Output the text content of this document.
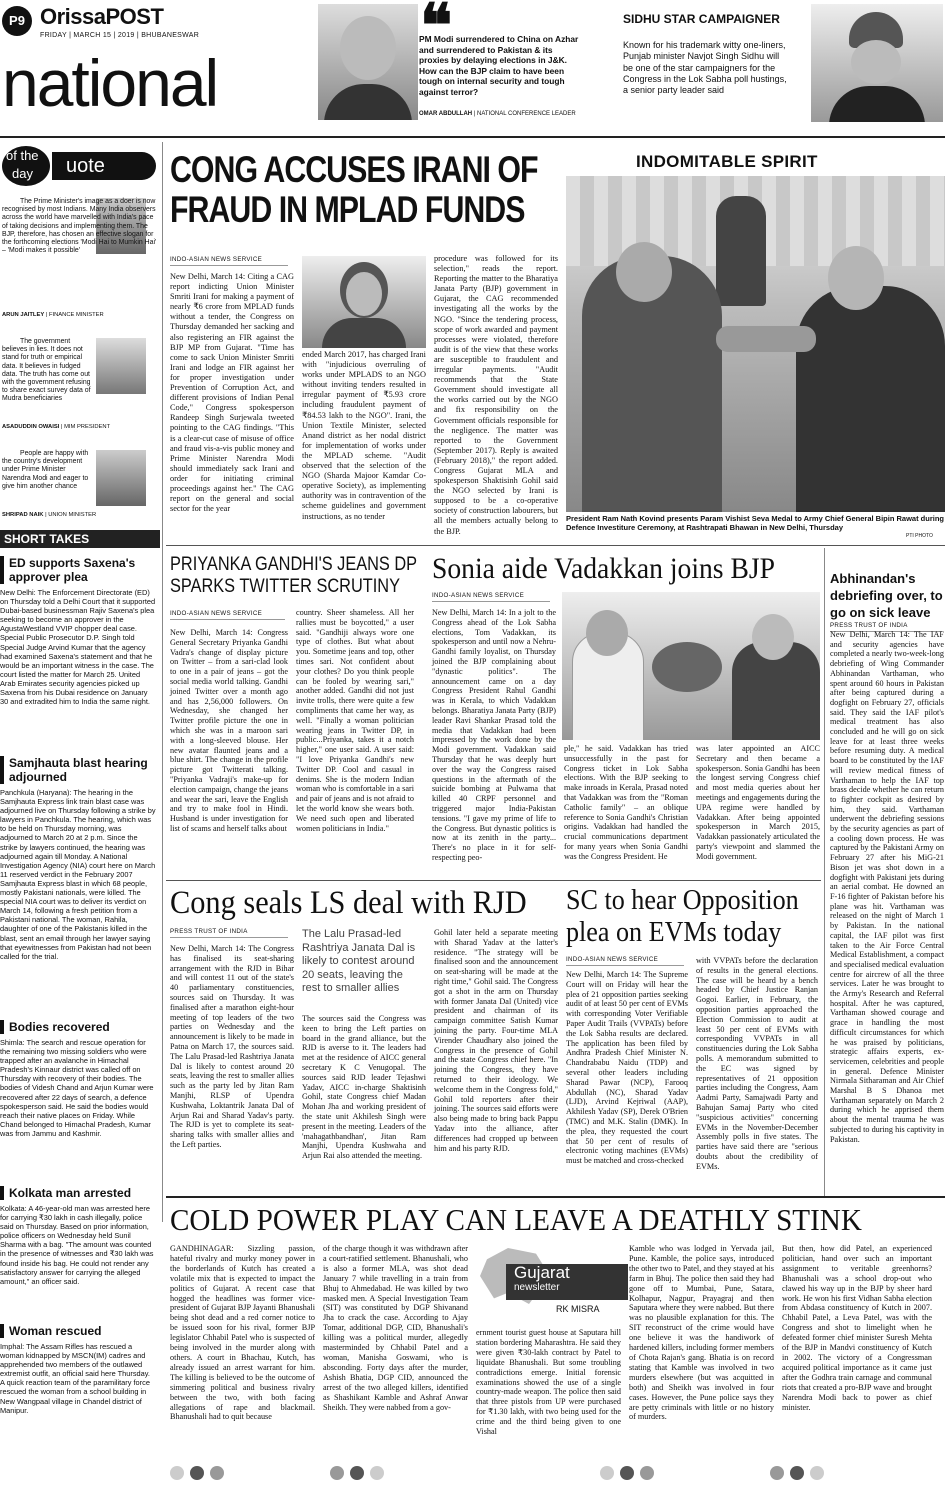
P9 OrissaPOST
FRIDAY | MARCH 15 | 2019 | BHUBANESWAR
national
❝
PM Modi surrendered to China on Azhar and surrendered to Pakistan & its proxies by delaying elections in J&K. How can the BJP claim to have been tough on internal security and tough against terror?
OMAR ABDULLAH | NATIONAL CONFERENCE LEADER
SIDHU STAR CAMPAIGNER
Known for his trademark witty one-liners, Punjab minister Navjot Singh Sidhu will be one of the star campaigners for the Congress in the Lok Sabha poll hustings, a senior party leader said
of the
day	uote
The Prime Minister's image as a doer is now recognised by most Indians. Many India observers across the world have marvelled with India's pace of taking decisions and implementing them. The BJP, therefore, has chosen an effective slogan for the forthcoming elections 'Modi Hai to Mumkin Hai' – 'Modi makes it possible'
ARUN JAITLEY | FINANCE MINISTER
The government believes in lies. It does not stand for truth or empirical data. It believes in fudged data. The truth has come out with the government refusing to share exact survey data of Mudra beneficiaries
ASADUDDIN OWAISI | MIM PRESIDENT
People are happy with the country's development under Prime Minister Narendra Modi and eager to give him another chance
SHRIPAD NAIK | UNION MINISTER
SHORT TAKES
ED supports Saxena's approver plea
New Delhi: The Enforcement Directorate (ED) on Thursday told a Delhi Court that it supported Dubai-based businessman Rajiv Saxena's plea seeking to become an approver in the AgustaWestland VVIP chopper deal case. Special Public Prosecutor D.P. Singh told Special Judge Arvind Kumar that the agency had examined Saxena's statement and that he would be an important witness in the case. The court listed the matter for March 25. United Arab Emirates security agencies picked up Saxena from his Dubai residence on January 30 and extradited him to India the same night.
Samjhauta blast hearing adjourned
Panchkula (Haryana): The hearing in the Samjhauta Express link train blast case was adjourned live on Thursday following a strike by lawyers in Panchkula. The hearing, which was to be held on Thursday morning, was adjourned to March 20 at 2 p.m. Since the strike by lawyers continued, the hearing was adjourned again till Monday. A National Investigation Agency (NIA) court here on March 11 reserved verdict in the February 2007 Samjhauta Express blast in which 68 people, mostly Pakistani nationals, were killed. The special NIA court was to deliver its verdict on March 14, following a fresh petition from a Pakistani national. The woman, Rahila, daughter of one of the Pakistanis killed in the blast, sent an email through her lawyer saying that eyewitnesses from Pakistan had not been called for the trial.
Bodies recovered
Shimla: The search and rescue operation for the remaining two missing soldiers who were trapped after an avalanche in Himachal Pradesh's Kinnaur district was called off on Thursday with recovery of their bodies. The bodies of Videsh Chand and Arjun Kumar were recovered after 22 days of search, a defence spokesperson said. He said the bodies would reach their native places on Friday. While Chand belonged to Himachal Pradesh, Kumar was from Jammu and Kashmir.
Kolkata man arrested
Kolkata: A 46-year-old man was arrested here for carrying ₹30 lakh in cash illegally, police said on Thursday. Based on prior information, police officers on Wednesday held Sunil Sharma with a bag. "The amount was counted in the presence of witnesses and ₹30 lakh was found inside his bag. He could not render any satisfactory answer for carrying the alleged amount," an officer said.
Woman rescued
Imphal: The Assam Rifles has rescued a woman kidnapped by MSCN(IM) cadres and apprehended two members of the outlawed extremist outfit, an official said here Thursday. A quick reaction team of the paramilitary force rescued the woman from a school building in New Wangpaal village in Chandel district of Manipur.
CONG ACCUSES IRANI OF FRAUD IN MPLAD FUNDS
INDO-ASIAN NEWS SERVICE
New Delhi, March 14: Citing a CAG report indicting Union Minister Smriti Irani for making a payment of nearly ₹6 crore from MPLAD funds without a tender, the Congress on Thursday demanded her sacking and also registering an FIR against the BJP MP from Gujarat. "Time has come to sack Union Minister Smriti Irani and lodge an FIR against her for proper investigation under Prevention of Corruption Act, and different provisions of Indian Penal Code," Congress spokesperson Randeep Singh Surjewala tweeted pointing to the CAG findings. "This is a clear-cut case of misuse of office and fraud vis-a-vis public money and Prime Minister Narendra Modi should immediately sack Irani and order for initiating criminal proceedings against her." The CAG report on the general and social sector for the year
ended March 2017, has charged Irani with "injudicious overruling of works under MPLADS to an NGO without inviting tenders resulted in irregular payment of ₹5.93 crore including fraudulent payment of ₹84.53 lakh to the NGO". Irani, the Union Textile Minister, selected Anand district as her nodal district for implementation of works under the MPLAD scheme. "Audit observed that the selection of the NGO (Sharda Majoor Kamdar Co-operative Society), as implementing authority was in contravention of the scheme guidelines and government instructions, as no tender
procedure was followed for its selection," reads the report. Reporting the matter to the Bharatiya Janata Party (BJP) government in Gujarat, the CAG recommended investigating all the works by the NGO. "Since the tendering process, scope of work awarded and payment processes were violated, therefore audit is of the view that these works are susceptible to fraudulent and irregular payments. "Audit recommends that the State Government should investigate all the works carried out by the NGO and fix responsibility on the Government officials responsible for the negligence. The matter was reported to the Government (September 2017). Reply is awaited (February 2018)," the report added. Congress Gujarat MLA and spokesperson Shaktisinh Gohil said the NGO selected by Irani is supposed to be a co-operative society of construction labourers, but all the members actually belong to the BJP.
INDOMITABLE SPIRIT
President Ram Nath Kovind presents Param Vishist Seva Medal to Army Chief General Bipin Rawat during Defence Investiture Ceremony, at Rashtrapati Bhawan in New Delhi, Thursday
PTI PHOTO
PRIYANKA GANDHI'S JEANS DP SPARKS TWITTER SCRUTINY
INDO-ASIAN NEWS SERVICE
New Delhi, March 14: Congress General Secretary Priyanka Gandhi Vadra's change of display picture on Twitter – from a sari-clad look to one in a pair of jeans – got the social media world talking. Gandhi joined Twitter over a month ago and has 2,56,000 followers. On Wednesday, she changed her Twitter profile picture the one in which she was in a maroon sari with a long-sleeved blouse. Her new avatar flaunted jeans and a blue shirt. The change in the profile picture got Twitterati talking. "Priyanka Vadraji's make-up for election campaign, change the jeans and wear the sari, leave the English and try to make fool in Hindi. Husband is under investigation for list of scams and herself talks about
country. Sheer shameless. All her rallies must be boycotted," a user said. "Gandhiji always wore one type of clothes. But what about you. Sometime jeans and top, other times sari. Not confident about your clothes? Do you think people can be fooled by wearing sari," another added. Gandhi did not just invite trolls, there were quite a few compliments that came her way, as well. "Finally a woman politician wearing jeans in Twitter DP, in public...Priyanka, takes it a notch higher," one user said. A user said: "I love Priyanka Gandhi's new Twitter DP. Cool and casual in denims. She is the modern Indian woman who is comfortable in a sari and pair of jeans and is not afraid to let the world know she wears both. We need such open and liberated women politicians in India."
Sonia aide Vadakkan joins BJP
INDO-ASIAN NEWS SERVICE
New Delhi, March 14: In a jolt to the Congress ahead of the Lok Sabha elections, Tom Vadakkan, its spokesperson and until now a Nehru-Gandhi family loyalist, on Thursday joined the BJP complaining about "dynastic politics". The announcement came on a day Congress President Rahul Gandhi was in Kerala, to which Vadakkan belongs. Bharatiya Janata Party (BJP) leader Ravi Shankar Prasad told the media that Vadakkan had been impressed by the work done by the Modi government. Vadakkan said Thursday that he was deeply hurt over the way the Congress raised questions in the aftermath of the suicide bombing at Pulwama that killed 40 CRPF personnel and triggered major India-Pakistan tensions. "I gave my prime of life to the Congress. But dynastic politics is now at its zenith in the party... There's no place in it for self-respecting peo-
ple," he said. Vadakkan has tried unsuccessfully in the past for Congress ticket in Lok Sabha elections. With the BJP seeking to make inroads in Kerala, Prasad noted that Vadakkan was from the "Roman Catholic family" – an oblique reference to Sonia Gandhi's Christian origins. Vadakkan had handled the crucial communications department for many years when Sonia Gandhi was the Congress President. He
was later appointed an AICC Secretary and then became a spokesperson. Sonia Gandhi has been the longest serving Congress chief and most media queries about her meetings and engagements during the UPA regime were handled by Vadakkan. After being appointed spokesperson in March 2015, Vadakkan passionately articulated the party's viewpoint and slammed the Modi government.
Abhinandan's debriefing over, to go on sick leave
PRESS TRUST OF INDIA
New Delhi, March 14: The IAF and security agencies have completed a nearly two-week-long debriefing of Wing Commander Abhinandan Varthaman, who spent around 60 hours in Pakistan after being captured during a dogfight on February 27, officials said. They said the IAF pilot's medical treatment has also concluded and he will go on sick leave for at least three weeks before resuming duty. A medical board to be constituted by the IAF will review medical fitness of Varthaman to help the IAF top brass decide whether he can return to fighter cockpit as desired by him, they said. Varthaman underwent the debriefing sessions by the security agencies as part of a cooling down process. He was captured by the Pakistani Army on February 27 after his MiG-21 Bison jet was shot down in a dogfight with Pakistani jets during an aerial combat. He downed an F-16 fighter of Pakistan before his plane was hit. Varthaman was released on the night of March 1 by Pakistan. In the national capital, the IAF pilot was first taken to the Air Force Central Medical Establishment, a compact and specialised medical evaluation centre for aircrew of all the three services. Later he was brought to the Army's Research and Referral hospital. After he was captured, Varthaman showed courage and grace in handling the most difficult circumstances for which he was praised by politicians, strategic affairs experts, ex-servicemen, celebrities and people in general. Defence Minister Nirmala Sitharaman and Air Chief Marshal B S Dhanoa met Varthaman separately on March 2 during which he apprised them about the mental trauma he was subjected to during his captivity in Pakistan.
Cong seals LS deal with RJD
PRESS TRUST OF INDIA
New Delhi, March 14: The Congress has finalised its seat-sharing arrangement with the RJD in Bihar and will contest 11 out of the state's 40 parliamentary constituencies, sources said on Thursday. It was finalised after a marathon eight-hour meeting of top leaders of the two parties on Wednesday and the announcement is likely to be made in Patna on March 17, the sources said. The Lalu Prasad-led Rashtriya Janata Dal is likely to contest around 20 seats, leaving the rest to smaller allies such as the party led by Jitan Ram Manjhi, RLSP of Upendra Kushwaha, Loktantrik Janata Dal of Arjun Rai and Sharad Yadav's party. The RJD is yet to complete its seat-sharing talks with smaller allies and the Left parties.
The Lalu Prasad-led Rashtriya Janata Dal is likely to contest around 20 seats, leaving the rest to smaller allies
The sources said the Congress was keen to bring the Left parties on board in the grand alliance, but the RJD is averse to it. The leaders had met at the residence of AICC general secretary K C Venugopal. The sources said RJD leader Tejashwi Yadav, AICC in-charge Shaktisinh Gohil, state Congress chief Madan Mohan Jha and working president of the state unit Akhilesh Singh were present in the meeting. Leaders of the 'mahagathbandhan', Jitan Ram Manjhi, Upendra Kushwaha and Arjun Rai also attended the meeting.
Gohil later held a separate meeting with Sharad Yadav at the latter's residence. "The strategy will be finalised soon and the announcement on seat-sharing will be made at the right time," Gohil said. The Congress got a shot in the arm on Thursday with former Janata Dal (United) vice president and chairman of its campaign committee Satish Kumar joining the party. Four-time MLA Virender Chaudhary also joined the Congress in the presence of Gohil and the state Congress chief here. "In joining the Congress, they have returned to their ideology. We welcome them in the Congress fold," Gohil told reporters after their joining. The sources said efforts were also being made to bring back Pappu Yadav into the alliance, after differences had cropped up between him and his party RJD.
SC to hear Opposition plea on EVMs today
INDO-ASIAN NEWS SERVICE
New Delhi, March 14: The Supreme Court will on Friday will hear the plea of 21 opposition parties seeking audit of at least 50 per cent of EVMs with corresponding Voter Verifiable Paper Audit Trails (VVPATs) before the Lok Sabha results are declared. The application has been filed by Andhra Pradesh Chief Minister N. Chandrababu Naidu (TDP) and several other leaders including Sharad Pawar (NCP), Farooq Abdullah (NC), Sharad Yadav (LJD), Arvind Kejriwal (AAP), Akhilesh Yadav (SP), Derek O'Brien (TMC) and M.K. Stalin (DMK). In the plea, they requested the court that 50 per cent of results of electronic voting machines (EVMs) must be matched and cross-checked
with VVPATs before the declaration of results in the general elections. The case will be heard by a bench headed by Chief Justice Ranjan Gogoi. Earlier, in February, the opposition parties approached the Election Commission to audit at least 50 per cent of EVMs with corresponding VVPATs in all constituencies during the Lok Sabha polls. A memorandum submitted to the EC was signed by representatives of 21 opposition parties including the Congress, Aam Aadmi Party, Samajwadi Party and Bahujan Samaj Party who cited "suspicious activities" concerning EVMs in the November-December Assembly polls in five states. The parties have said there are "serious doubts about the credibility of EVMs.
COLD POWER PLAY CAN LEAVE A DEATHLY STINK
GANDHINAGAR: Sizzling passion, hateful rivalry and murky money power in the borderlands of Kutch has created a volatile mix that is expected to impact the politics of Gujarat. A recent case that hogged the headlines was former vice-president of Gujarat BJP Jayanti Bhanushali being shot dead and a red corner notice to be issued soon for his rival, former BJP legislator Chhabil Patel who is suspected of being involved in the murder along with others. A court in Bhachau, Kutch, has already issued an arrest warrant for him. The killing is believed to be the outcome of simmering political and business rivalry between the two, with both facing allegations of rape and blackmail. Bhanushali had to quit because
of the charge though it was withdrawn after a court-ratified settlement. Bhanushali, who is also a former MLA, was shot dead January 7 while travelling in a train from Bhuj to Ahmedabad. He was killed by two masked men. A Special Investigation Team (SIT) was constituted by DGP Shivanand Jha to crack the case. According to Ajay Tomar, additional DGP, CID, Bhanushali's killing was a political murder, allegedly masterminded by Chhabil Patel and a woman, Manisha Goswami, who is absconding. Forty days after the murder, Ashish Bhatia, DGP CID, announced the arrest of the two alleged killers, identified as Shashikant Kamble and Ashraf Anwar Sheikh. They were nabbed from a gov-
ernment tourist guest house at Saputara hill station bordering Maharashtra. He said they were given ₹30-lakh contract by Patel to liquidate Bhanushali. But some troubling contradictions emerge. Initial forensic examinations showed the use of a single country-made weapon. The police then said that three pistols from UP were purchased for ₹1.30 lakh, with two being used for the crime and the third being given to one Vishal
Gujarat
newsletter
RK MISRA
Kamble who was lodged in Yervada jail, Pune. Kamble, the police says, introduced the other two to Patel, and they stayed at his farm in Bhuj. The police then said they had gone off to Mumbai, Pune, Satara, Kolhapur, Nagpur, Prayagraj and then Saputara where they were nabbed. But there was no plausible explanation for this. The SIT reconstruct of the crime would have one believe it was the handiwork of hardened killers, including former members of Chota Rajan's gang. Bhatia is on record stating that Kamble was involved in two murders elsewhere (but was acquitted in both) and Sheikh was involved in four cases. However, the Pune police says they are petty criminals with little or no history of murders.
But then, how did Patel, an experienced politician, hand over such an important assignment to veritable greenhorns? Bhanushali was a school drop-out who clawed his way up in the BJP by sheer hard work. He won his first Vidhan Sabha election from Abdasa constituency of Kutch in 2007. Chhabil Patel, a Leva Patel, was with the Congress and shot to limelight when he defeated former chief minister Suresh Mehta of the BJP in Mandvi constituency of Kutch in 2002. The victory of a Congressman acquired political importance as it came just after the Godhra train carnage and communal riots that created a pro-BJP wave and brought Narendra Modi back to power as chief minister.
